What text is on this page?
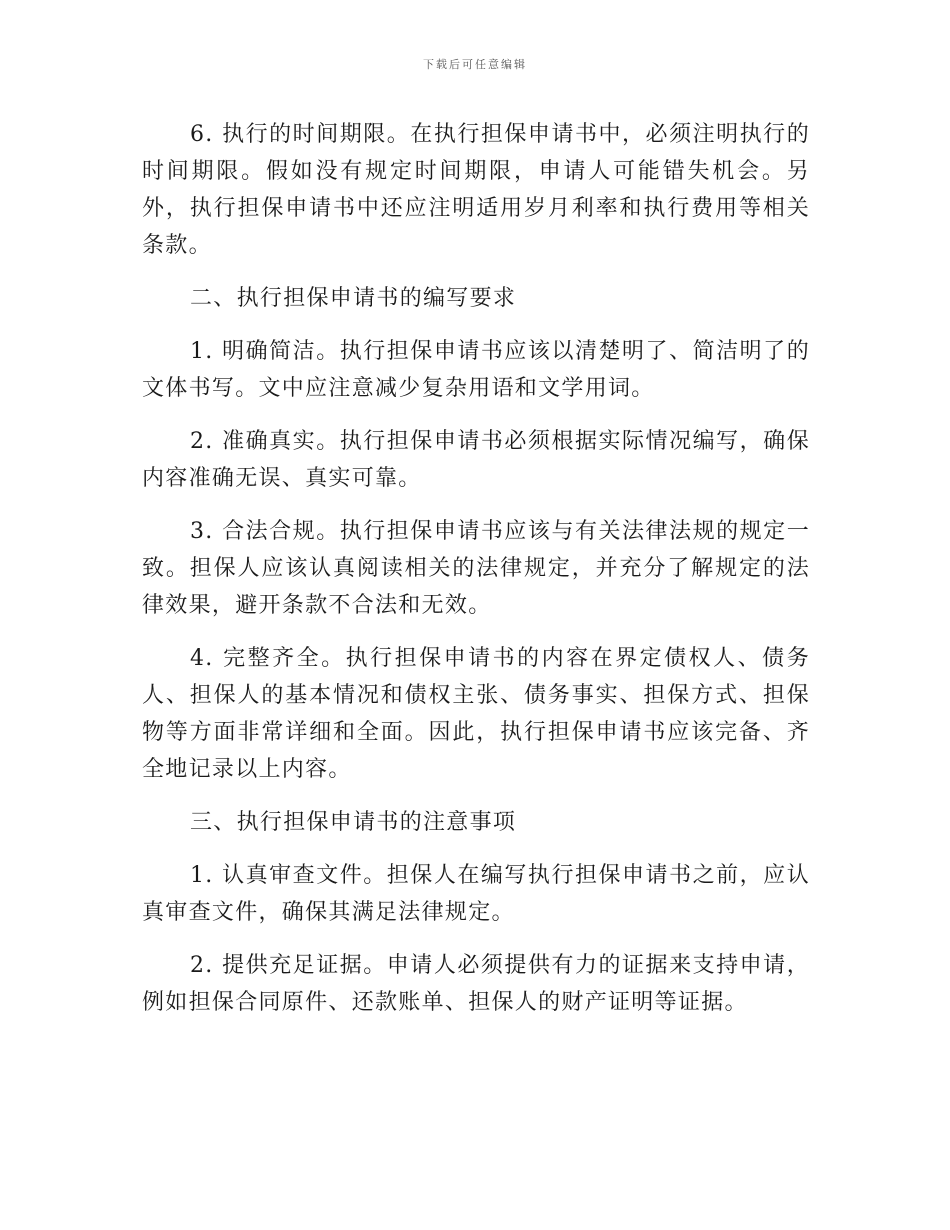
下载后可任意编辑

6. 执行的时间期限。在执行担保申请书中，必须注明执行的时间期限。假如没有规定时间期限，申请人可能错失机会。另外，执行担保申请书中还应注明适用岁月利率和执行费用等相关条款。

二、执行担保申请书的编写要求

1. 明确简洁。执行担保申请书应该以清楚明了、简洁明了的文体书写。文中应注意减少复杂用语和文学用词。

2. 准确真实。执行担保申请书必须根据实际情况编写，确保内容准确无误、真实可靠。

3. 合法合规。执行担保申请书应该与有关法律法规的规定一致。担保人应该认真阅读相关的法律规定，并充分了解规定的法律效果，避开条款不合法和无效。

4. 完整齐全。执行担保申请书的内容在界定债权人、债务人、担保人的基本情况和债权主张、债务事实、担保方式、担保物等方面非常详细和全面。因此，执行担保申请书应该完备、齐全地记录以上内容。

三、执行担保申请书的注意事项

1. 认真审查文件。担保人在编写执行担保申请书之前，应认真审查文件，确保其满足法律规定。

2. 提供充足证据。申请人必须提供有力的证据来支持申请，例如担保合同原件、还款账单、担保人的财产证明等证据。
